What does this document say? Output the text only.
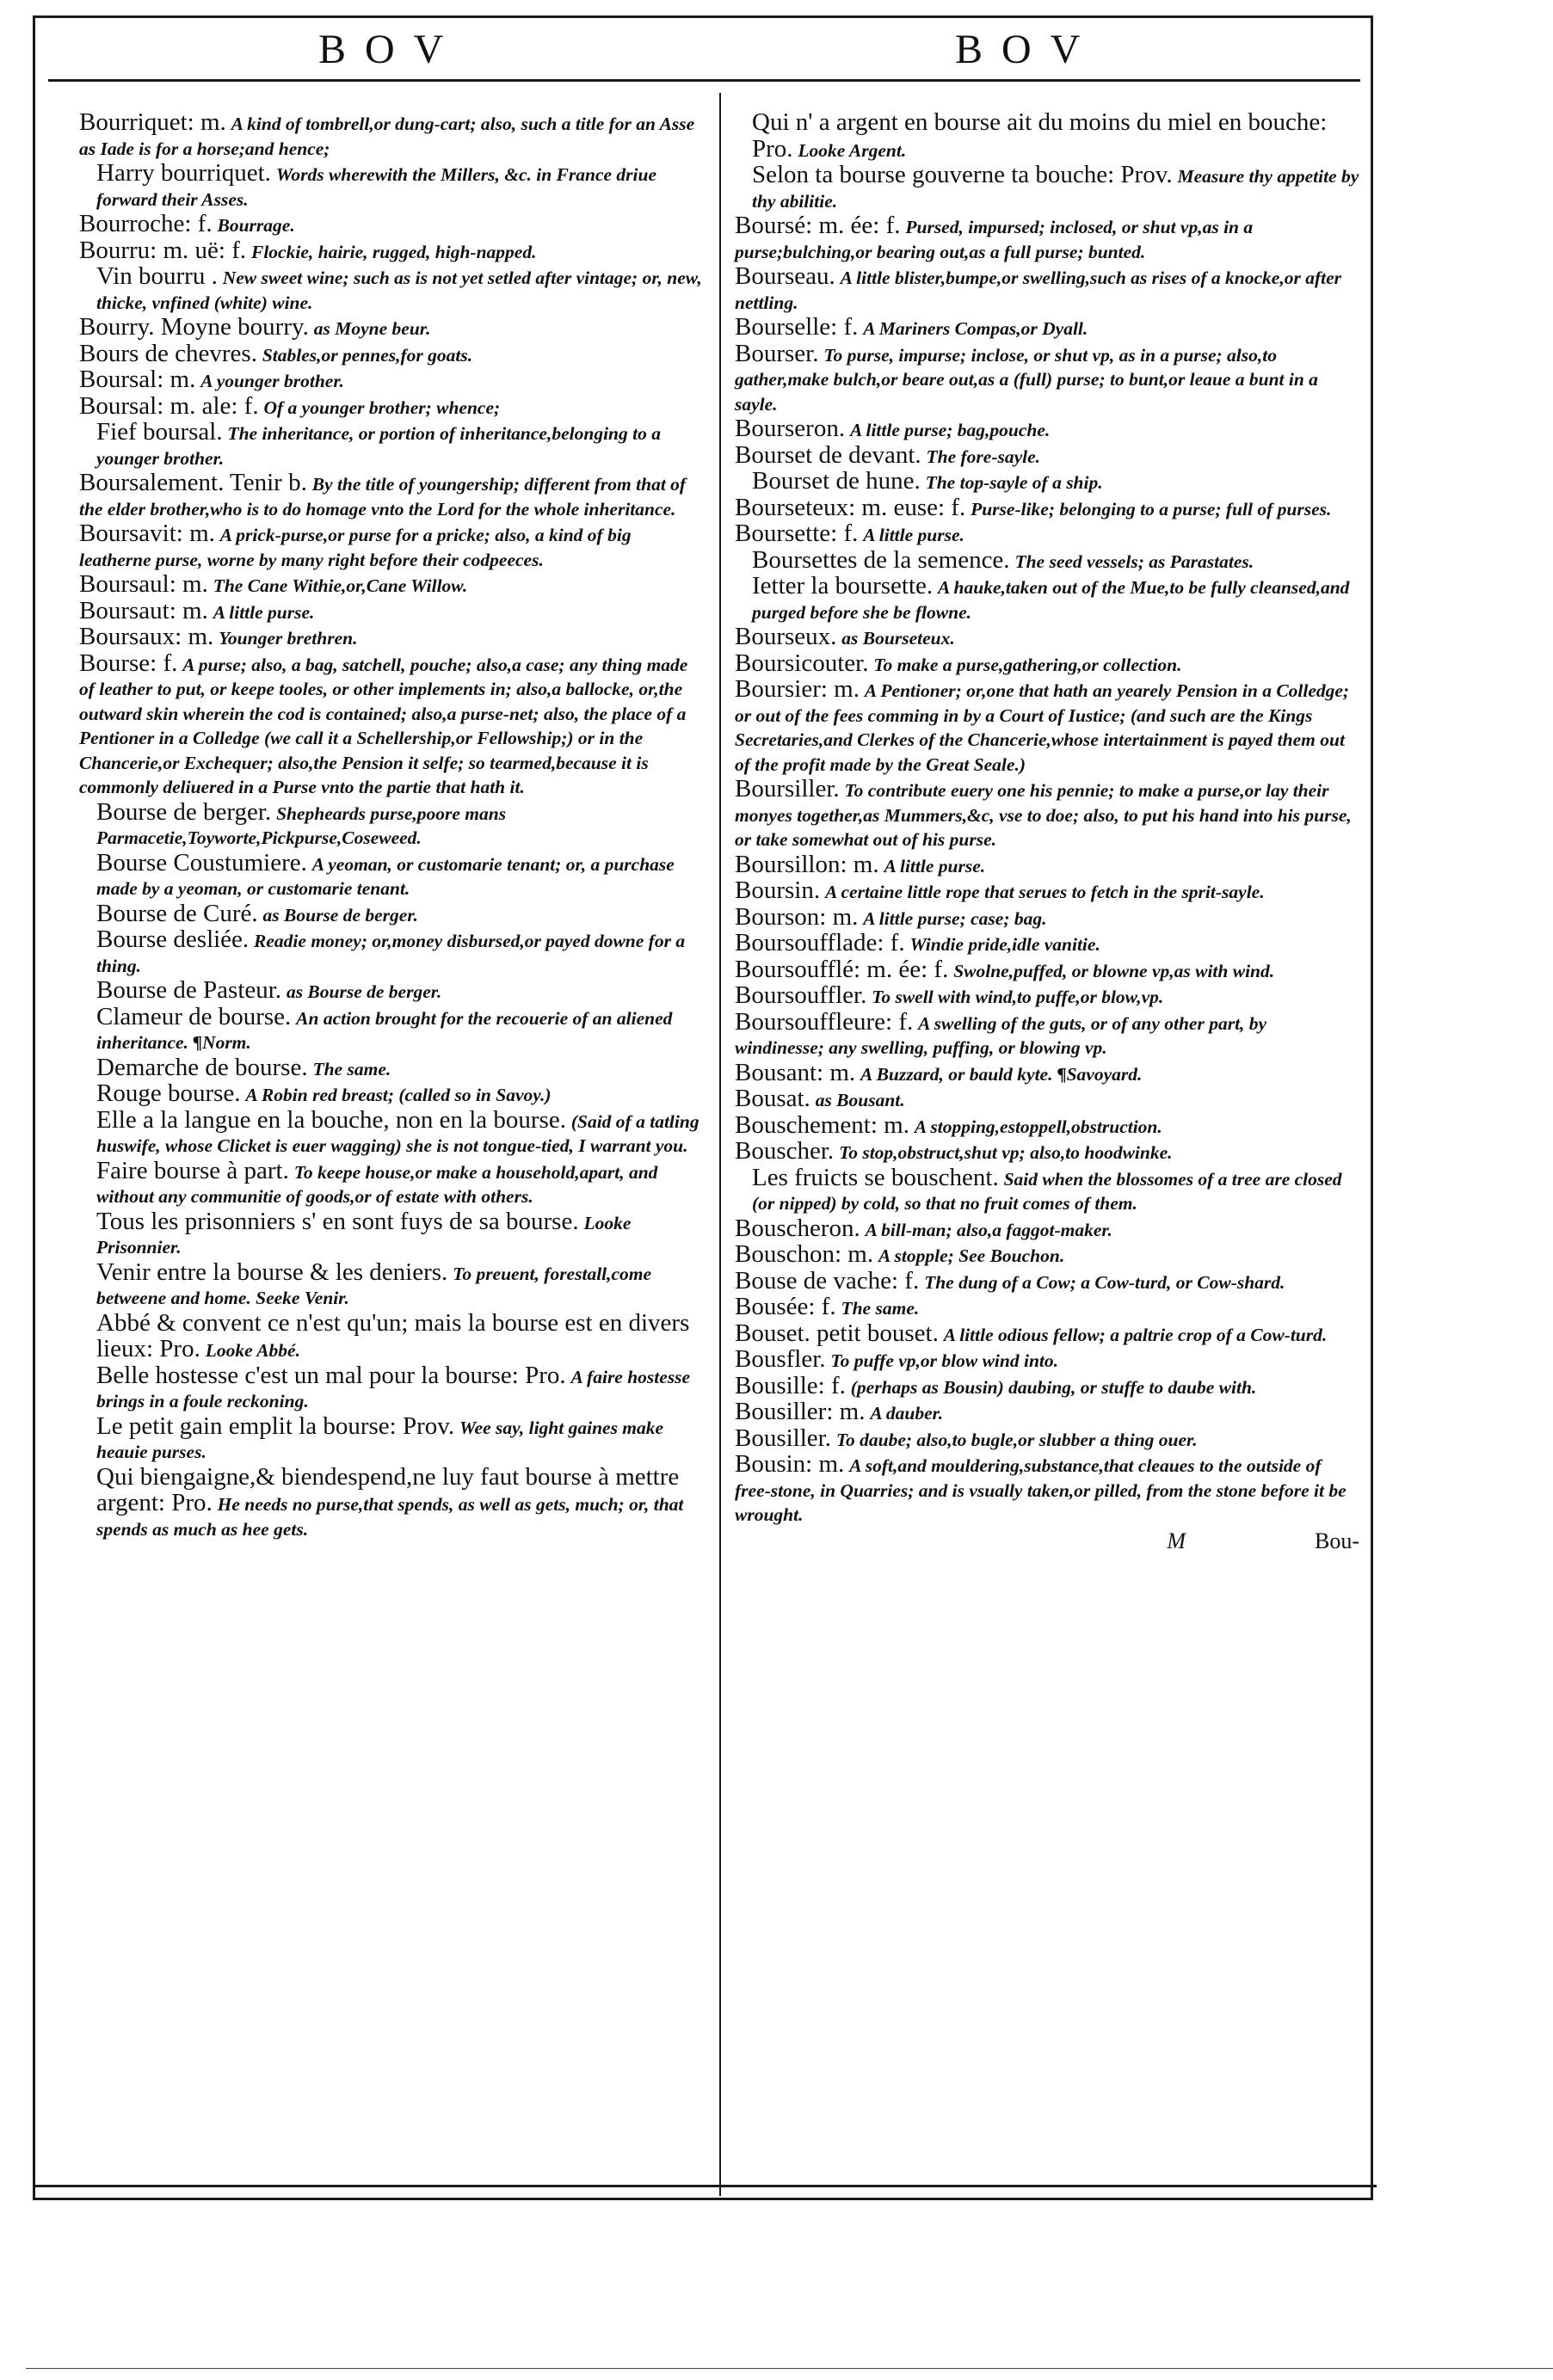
BOV	BOV

Bourriquet: m. A kind of tombrell,or dung-cart; also, such a title for an Asse as Iade is for a horse;and hence;

Harry bourriquet. Words wherewith the Millers, &c. in France driue forward their Asses.

Bourroche: f. Bourrage.

Bourru: m. uë: f. Flockie, hairie, rugged, high-napped.

Vin bourru . New sweet wine; such as is not yet setled after vintage; or, new, thicke, vnfined (white) wine.

Bourry. Moyne bourry. as Moyne beur.

Bours de chevres. Stables,or pennes,for goats.

Boursal: m. A younger brother.

Boursal: m. ale: f. Of a younger brother; whence;

Fief boursal. The inheritance, or portion of inheritance,belonging to a younger brother.

Boursalement. Tenir b. By the title of youngership; different from that of the elder brother,who is to do homage vnto the Lord for the whole inheritance.

Boursavit: m. A prick-purse,or purse for a pricke; also, a kind of big leatherne purse, worne by many right before their codpeeces.

Boursaul: m. The Cane Withie,or,Cane Willow.

Boursaut: m. A little purse.

Boursaux: m. Younger brethren.

Bourse: f. A purse; also, a bag, satchell, pouche; also,a case; any thing made of leather to put, or keepe tooles, or other implements in; also,a ballocke, or,the outward skin wherein the cod is contained; also,a purse-net; also, the place of a Pentioner in a Colledge (we call it a Schellership,or Fellowship;) or in the Chancerie,or Exchequer; also,the Pension it selfe; so tearmed,because it is commonly deliuered in a Purse vnto the partie that hath it.

Bourse de berger. Shepheards purse,poore mans Parmacetie,Toyworte,Pickpurse,Coseweed.

Bourse Coustumiere. A yeoman, or customarie tenant; or, a purchase made by a yeoman, or customarie tenant.

Bourse de Curé. as Bourse de berger.

Bourse desliée. Readie money; or,money disbursed,or payed downe for a thing.

Bourse de Pasteur. as Bourse de berger.

Clameur de bourse. An action brought for the recouerie of an aliened inheritance. ¶Norm.

Demarche de bourse. The same.

Rouge bourse. A Robin red breast; (called so in Savoy.)

Elle a la langue en la bouche, non en la bourse. (Said of a tatling huswife, whose Clicket is euer wagging) she is not tongue-tied, I warrant you.

Faire bourse à part. To keepe house,or make a household,apart, and without any communitie of goods,or of estate with others.

Tous les prisonniers s' en sont fuys de sa bourse. Looke Prisonnier.

Venir entre la bourse & les deniers. To preuent, forestall,come betweene and home. Seeke Venir.

Abbé & convent ce n'est qu'un; mais la bourse est en divers lieux: Pro. Looke Abbé.

Belle hostesse c'est un mal pour la bourse: Pro. A faire hostesse brings in a foule reckoning.

Le petit gain emplit la bourse: Prov. Wee say, light gaines make heauie purses.

Qui biengaigne,& biendespend,ne luy faut bourse à mettre argent: Pro. He needs no purse,that spends, as well as gets, much; or, that spends as much as hee gets.

Qui n' a argent en bourse ait du moins du miel en bouche: Pro. Looke Argent.

Selon ta bourse gouverne ta bouche: Prov. Measure thy appetite by thy abilitie.

Boursé: m. ée: f. Pursed, impursed; inclosed, or shut vp,as in a purse;bulching,or bearing out,as a full purse; bunted.

Bourseau. A little blister,bumpe,or swelling,such as rises of a knocke,or after nettling.

Bourselle: f. A Mariners Compas,or Dyall.

Bourser. To purse, impurse; inclose, or shut vp, as in a purse; also,to gather,make bulch,or beare out,as a (full) purse; to bunt,or leaue a bunt in a sayle.

Bourseron. A little purse; bag,pouche.

Bourset de devant. The fore-sayle.

Bourset de hune. The top-sayle of a ship.

Bourseteux: m. euse: f. Purse-like; belonging to a purse; full of purses.

Boursette: f. A little purse.

Boursettes de la semence. The seed vessels; as Parastates.

Ietter la boursette. A hauke,taken out of the Mue,to be fully cleansed,and purged before she be flowne.

Bourseux. as Bourseteux.

Boursicouter. To make a purse,gathering,or collection.

Boursier: m. A Pentioner; or,one that hath an yearely Pension in a Colledge; or out of the fees comming in by a Court of Iustice; (and such are the Kings Secretaries,and Clerkes of the Chancerie,whose intertainment is payed them out of the profit made by the Great Seale.)

Boursiller. To contribute euery one his pennie; to make a purse,or lay their monyes together,as Mummers,&c, vse to doe; also, to put his hand into his purse, or take somewhat out of his purse.

Boursillon: m. A little purse.

Boursin. A certaine little rope that serues to fetch in the sprit-sayle.

Bourson: m. A little purse; case; bag.

Boursoufflade: f. Windie pride,idle vanitie.

Boursoufflé: m. ée: f. Swolne,puffed, or blowne vp,as with wind.

Boursouffler. To swell with wind,to puffe,or blow,vp.

Boursouffleure: f. A swelling of the guts, or of any other part, by windinesse; any swelling, puffing, or blowing vp.

Bousant: m. A Buzzard, or bauld kyte. ¶Savoyard.

Bousat. as Bousant.

Bouschement: m. A stopping,estoppell,obstruction.

Bouscher. To stop,obstruct,shut vp; also,to hoodwinke.

Les fruicts se bouschent. Said when the blossomes of a tree are closed (or nipped) by cold, so that no fruit comes of them.

Bouscheron. A bill-man; also,a faggot-maker.

Bouschon: m. A stopple; See Bouchon.

Bouse de vache: f. The dung of a Cow; a Cow-turd, or Cow-shard.

Bousée: f. The same.

Bouset. petit bouset. A little odious fellow; a paltrie crop of a Cow-turd.

Bousfler. To puffe vp,or blow wind into.

Bousille: f. (perhaps as Bousin) daubing, or stuffe to daube with.

Bousiller: m. A dauber.

Bousiller. To daube; also,to bugle,or slubber a thing ouer.

Bousin: m. A soft,and mouldering,substance,that cleaues to the outside of free-stone, in Quarries; and is vsually taken,or pilled, from the stone before it be wrought.

M	Bou-
